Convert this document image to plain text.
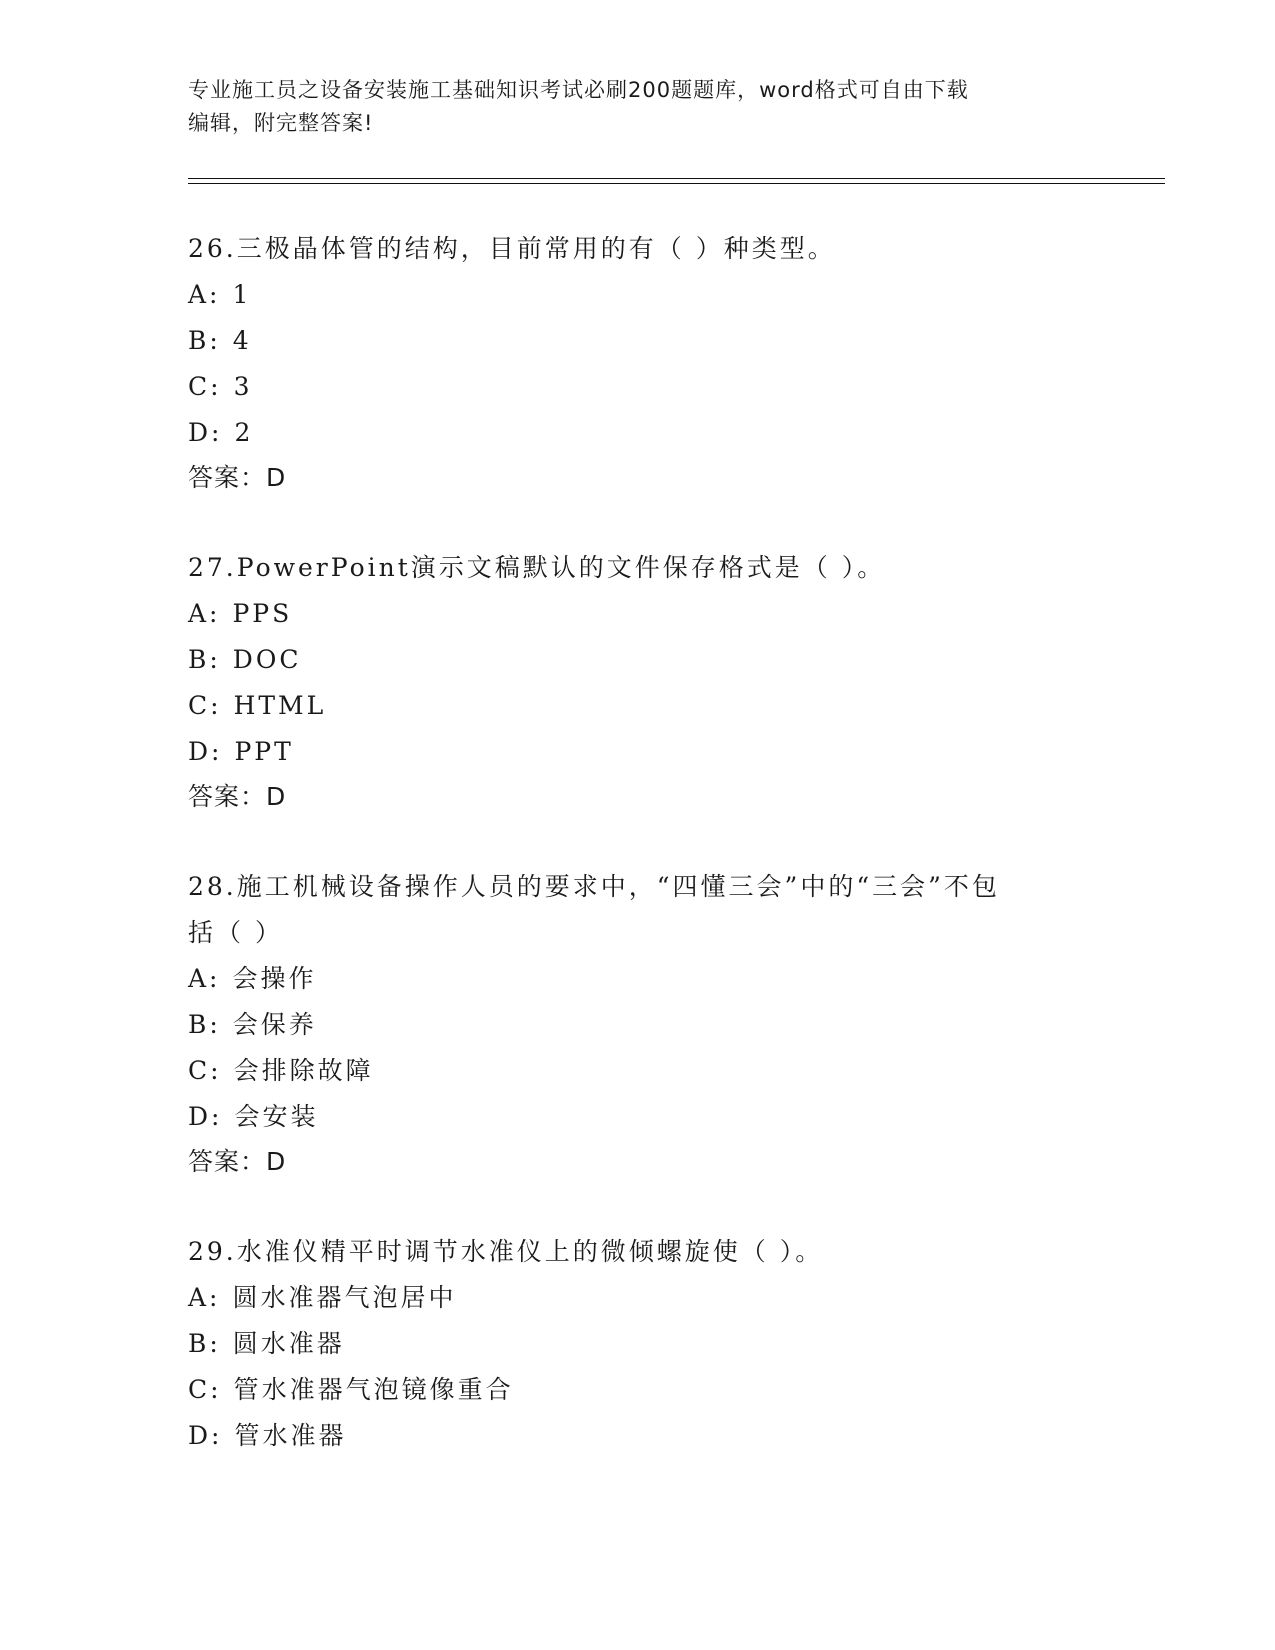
专业施工员之设备安装施工基础知识考试必刷200题题库，word格式可自由下载
编辑，附完整答案!
26.三极晶体管的结构，目前常用的有（ ）种类型。
A: 1
B: 4
C: 3
D: 2
答案：D
27.PowerPoint演示文稿默认的文件保存格式是（ ）。
A: PPS
B: DOC
C: HTML
D: PPT
答案：D
28.施工机械设备操作人员的要求中，“四懂三会”中的“三会”不包
括（ ）
A: 会操作
B: 会保养
C: 会排除故障
D: 会安装
答案：D
29.水准仪精平时调节水准仪上的微倾螺旋使（ ）。
A: 圆水准器气泡居中
B: 圆水准器
C: 管水准器气泡镜像重合
D: 管水准器
